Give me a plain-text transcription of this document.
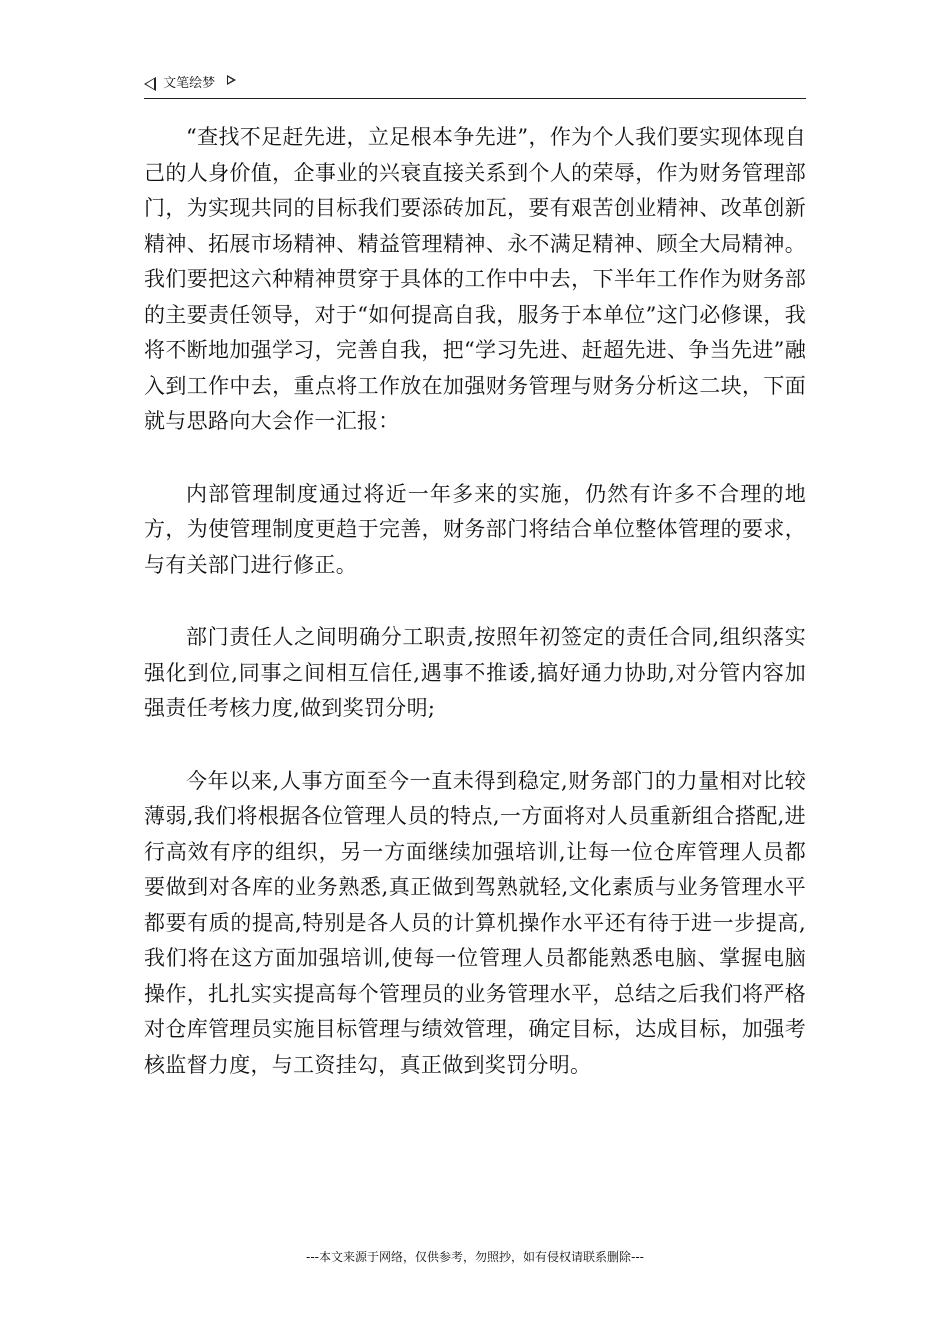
文笔绘梦

“查找不足赶先进，立足根本争先进”，作为个人我们要实现体现自己的人身价值，企事业的兴衰直接关系到个人的荣辱，作为财务管理部门，为实现共同的目标我们要添砖加瓦，要有艰苦创业精神、改革创新精神、拓展市场精神、精益管理精神、永不满足精神、顾全大局精神。我们要把这六种精神贯穿于具体的工作中中去，下半年工作作为财务部的主要责任领导，对于“如何提高自我，服务于本单位”这门必修课，我将不断地加强学习，完善自我，把“学习先进、赶超先进、争当先进”融入到工作中去，重点将工作放在加强财务管理与财务分析这二块，下面就与思路向大会作一汇报：

内部管理制度通过将近一年多来的实施，仍然有许多不合理的地方，为使管理制度更趋于完善，财务部门将结合单位整体管理的要求，与有关部门进行修正。

部门责任人之间明确分工职责,按照年初签定的责任合同,组织落实强化到位,同事之间相互信任,遇事不推诿,搞好通力协助,对分管内容加强责任考核力度,做到奖罚分明;

今年以来,人事方面至今一直未得到稳定,财务部门的力量相对比较薄弱,我们将根据各位管理人员的特点,一方面将对人员重新组合搭配,进行高效有序的组织，另一方面继续加强培训,让每一位仓库管理人员都要做到对各库的业务熟悉,真正做到驾熟就轻,文化素质与业务管理水平都要有质的提高,特别是各人员的计算机操作水平还有待于进一步提高,我们将在这方面加强培训,使每一位管理人员都能熟悉电脑、掌握电脑操作，扎扎实实提高每个管理员的业务管理水平，总结之后我们将严格对仓库管理员实施目标管理与绩效管理，确定目标，达成目标，加强考核监督力度，与工资挂勾，真正做到奖罚分明。

---本文来源于网络，仅供参考，勿照抄，如有侵权请联系删除---
